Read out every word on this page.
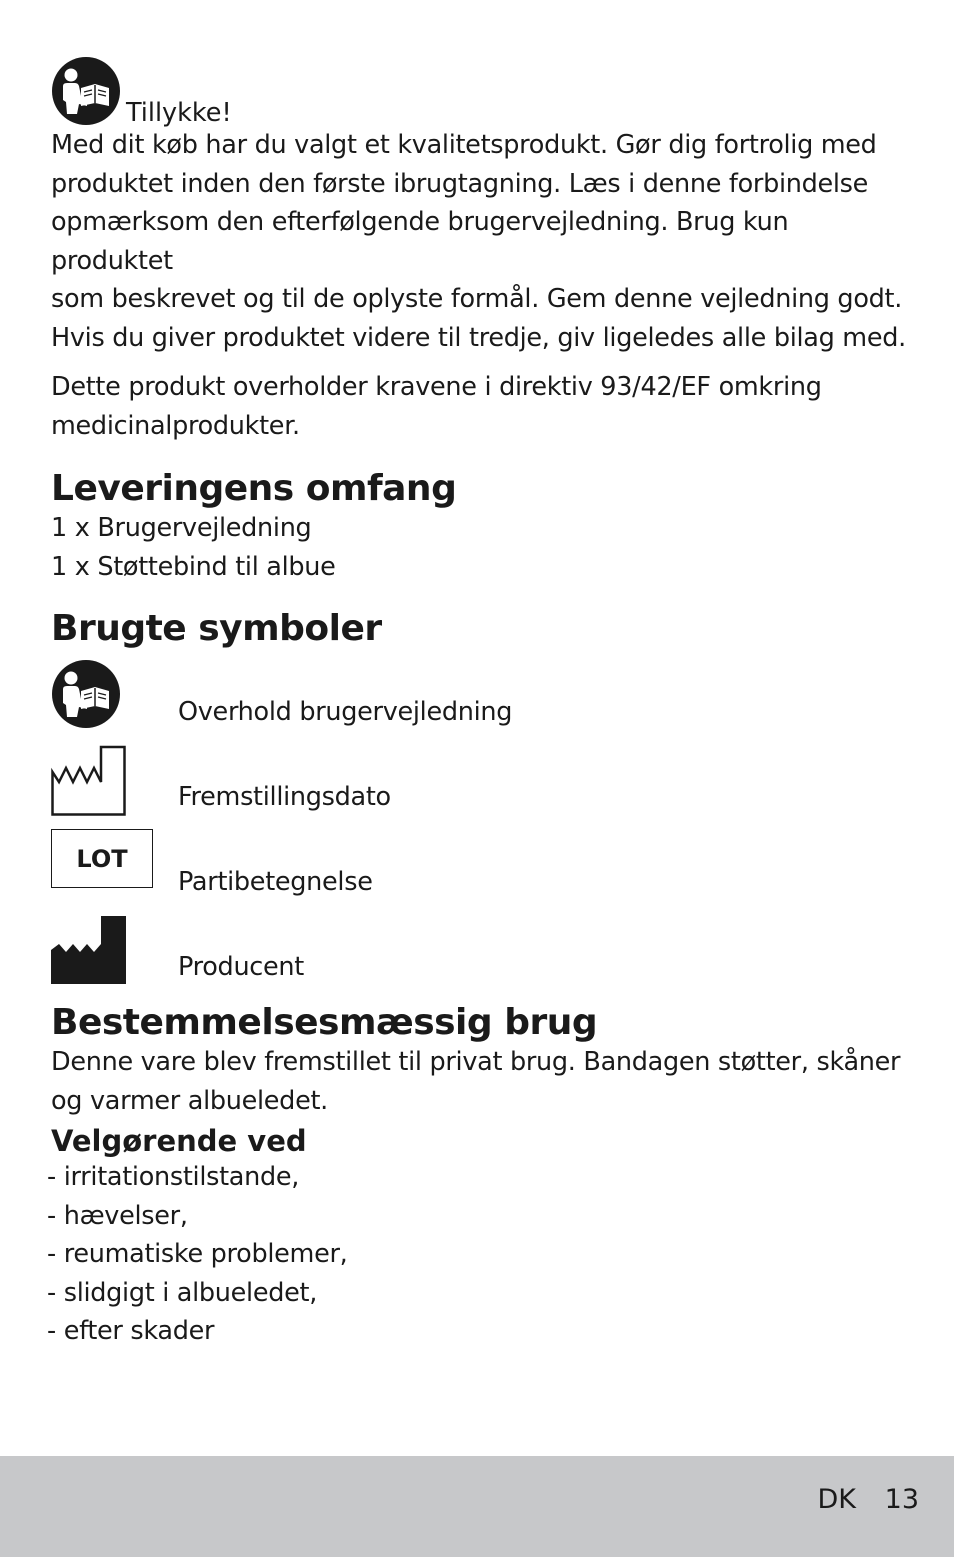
Tillykke!

Med dit køb har du valgt et kvalitetsprodukt. Gør dig fortrolig med

produktet inden den første ibrugtagning. Læs i denne forbindelse

opmærksom den efterfølgende brugervejledning. Brug kun produktet

som beskrevet og til de oplyste formål. Gem denne vejledning godt.

Hvis du giver produktet videre til tredje, giv ligeledes alle bilag med.

Dette produkt overholder kravene i direktiv 93/42/EF omkring

medicinalprodukter.

Leveringens omfang

1 x Brugervejledning

1 x Støttebind til albue

Brugte symboler
Overhold brugervejledning
Fremstillingsdato
LOT
Partibetegnelse
Producent
Bestemmelsesmæssig brug

Denne vare blev fremstillet til privat brug. Bandagen støtter, skåner

og varmer albueledet.

Velgørende ved

- irritationstilstande,

- hævelser,

- reumatiske problemer,

- slidgigt i albueledet,

- efter skader

DK 13
